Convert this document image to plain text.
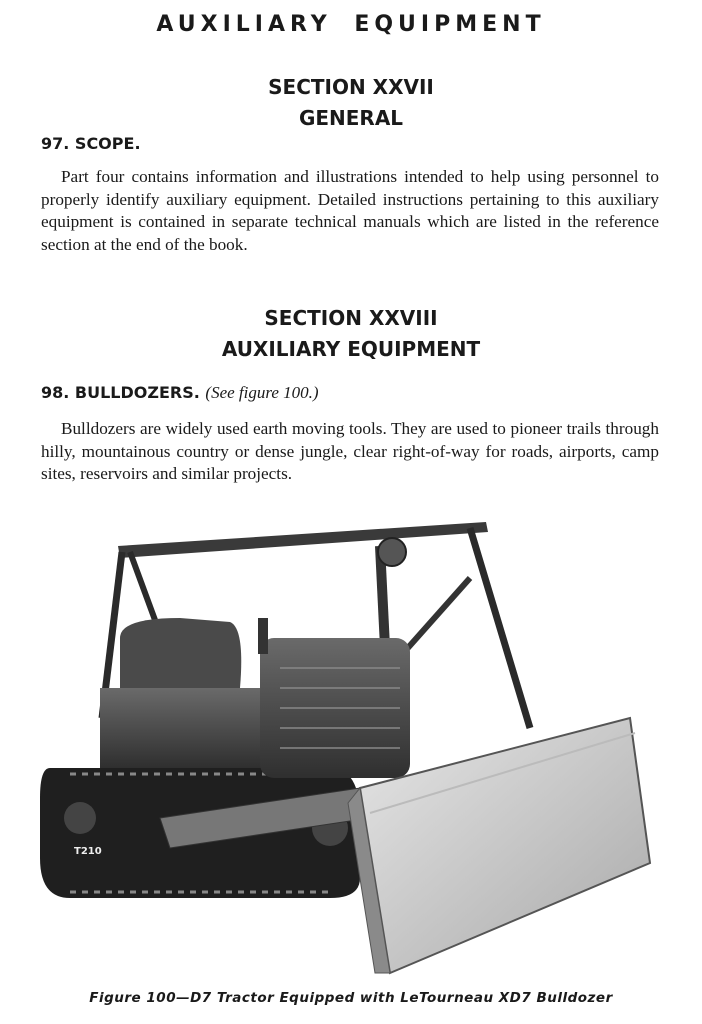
AUXILIARY EQUIPMENT
SECTION XXVII
GENERAL
97. SCOPE.

Part four contains information and illustrations intended to help using personnel to properly identify auxiliary equipment. Detailed instructions pertaining to this auxiliary equipment is contained in separate technical manuals which are listed in the reference section at the end of the book.

SECTION XXVIII
AUXILIARY EQUIPMENT
98. BULLDOZERS. (See figure 100.)

Bulldozers are widely used earth moving tools. They are used to pioneer trails through hilly, mountainous country or dense jungle, clear right-of-way for roads, airports, camp sites, reservoirs and similar projects.

T210
Figure 100—D7 Tractor Equipped with LeTourneau XD7 Bulldozer
